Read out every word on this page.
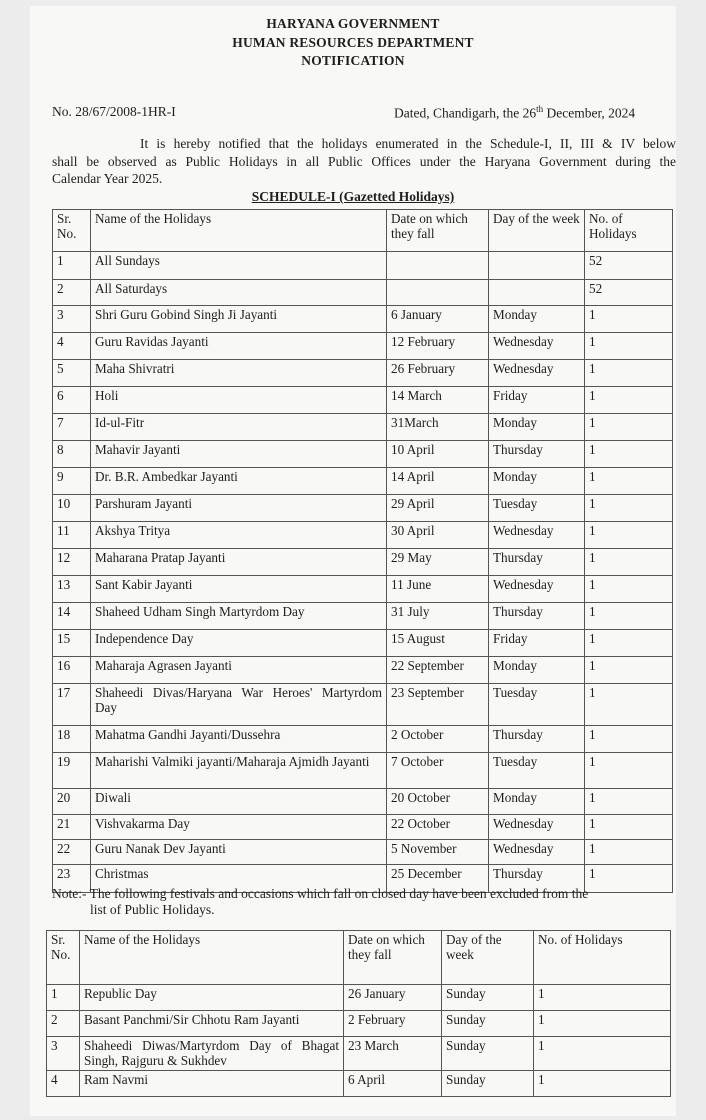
HARYANA GOVERNMENT
HUMAN RESOURCES DEPARTMENT
NOTIFICATION
No. 28/67/2008-1HR-I	Dated, Chandigarh, the 26th December, 2024
It is hereby notified that the holidays enumerated in the Schedule-I, II, III & IV below
shall be observed as Public Holidays in all Public Offices under the Haryana Government during the
Calendar Year 2025.
SCHEDULE-I (Gazetted Holidays)
Sr. No.	Name of the Holidays	Date on which they fall	Day of the week	No. of Holidays
1	All Sundays			52
2	All Saturdays			52
3	Shri Guru Gobind Singh Ji Jayanti	6 January	Monday	1
4	Guru Ravidas Jayanti	12 February	Wednesday	1
5	Maha Shivratri	26 February	Wednesday	1
6	Holi	14 March	Friday	1
7	Id-ul-Fitr	31March	Monday	1
8	Mahavir Jayanti	10 April	Thursday	1
9	Dr. B.R. Ambedkar Jayanti	14 April	Monday	1
10	Parshuram Jayanti	29 April	Tuesday	1
11	Akshya Tritya	30 April	Wednesday	1
12	Maharana Pratap Jayanti	29 May	Thursday	1
13	Sant Kabir Jayanti	11 June	Wednesday	1
14	Shaheed Udham Singh Martyrdom Day	31 July	Thursday	1
15	Independence Day	15 August	Friday	1
16	Maharaja Agrasen Jayanti	22 September	Monday	1
17	Shaheedi Divas/Haryana War Heroes' Martyrdom Day	23 September	Tuesday	1
18	Mahatma Gandhi Jayanti/Dussehra	2 October	Thursday	1
19	Maharishi Valmiki jayanti/Maharaja Ajmidh Jayanti	7 October	Tuesday	1
20	Diwali	20 October	Monday	1
21	Vishvakarma Day	22 October	Wednesday	1
22	Guru Nanak Dev Jayanti	5 November	Wednesday	1
23	Christmas	25 December	Thursday	1
Note:- The following festivals and occasions which fall on closed day have been excluded from the
list of Public Holidays.
Sr. No.	Name of the Holidays	Date on which they fall	Day of the week	No. of Holidays
1	Republic Day	26 January	Sunday	1
2	Basant Panchmi/Sir Chhotu Ram Jayanti	2 February	Sunday	1
3	Shaheedi Diwas/Martyrdom Day of Bhagat Singh, Rajguru & Sukhdev	23 March	Sunday	1
4	Ram Navmi	6 April	Sunday	1
